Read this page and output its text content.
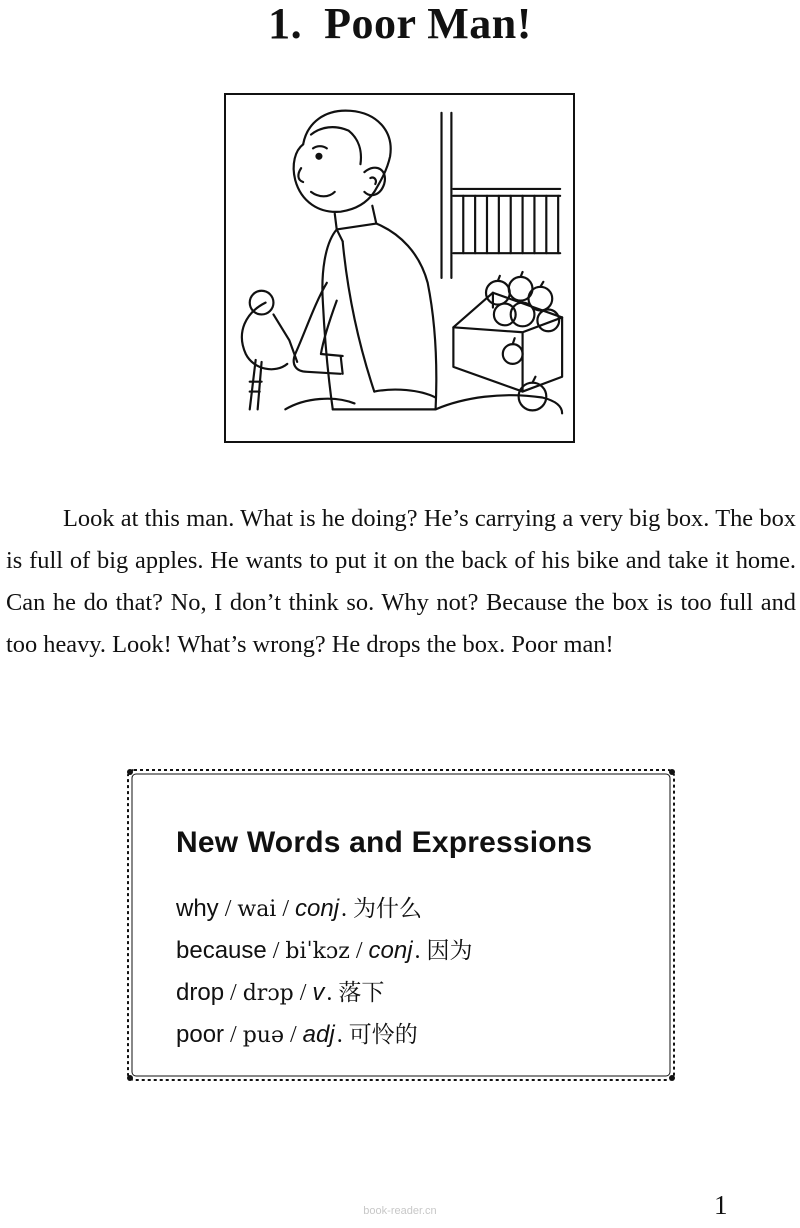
1. Poor Man!

Look at this man. What is he doing? He’s carrying a very big box. The box is full of big apples. He wants to put it on the back of his bike and take it home. Can he do that? No, I don’t think so. Why not? Because the box is too full and too heavy. Look! What’s wrong? He drops the box. Poor man!

New Words and Expressions
why / wai / conj. 为什么
because / biˈkɔz / conj. 因为
drop / drɔp / v. 落下
poor / puə / adj. 可怜的
book-reader.cn	1
